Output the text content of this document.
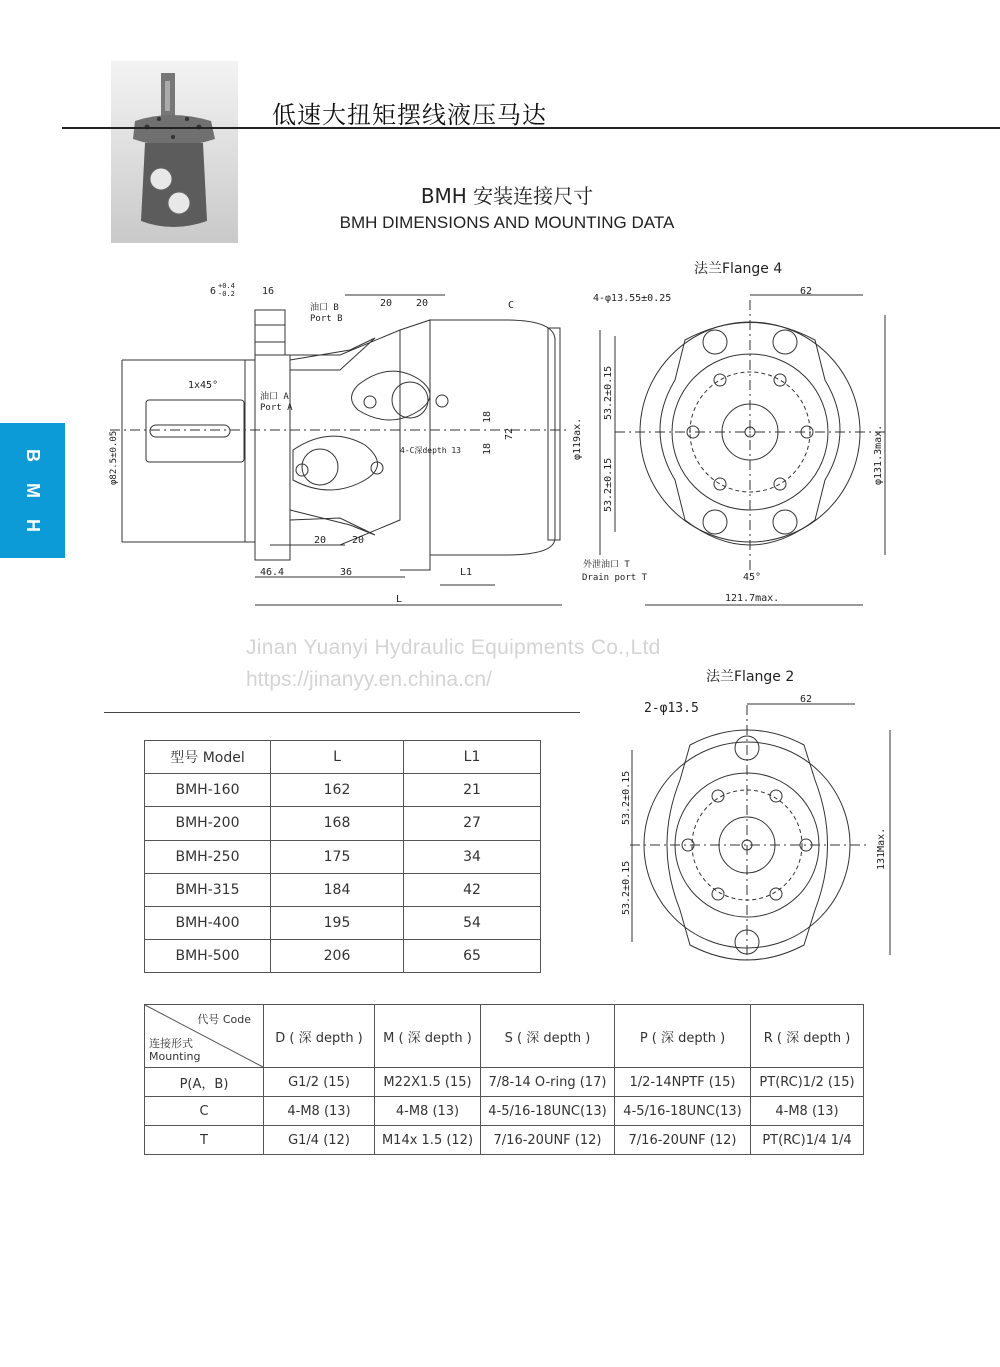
低速大扭矩摆线液压马达
BMH 安装连接尺寸
BMH DIMENSIONS AND MOUNTING DATA
B
M
H
6 +0.4
-0.2	16
1x45°
φ82.5±0.05
油口 B
Port B
20 20	C
油口 A
Port A
4-C深depth 13
18
18
72	φ119ax.
20	20
46.4	36	L1
L
外泄油口 T
Drain port T
法兰Flange 4
4-φ13.55±0.25
62
53.2±0.15
53.2±0.15	φ131.3max.
45°
121.7max.
Jinan Yuanyi Hydraulic Equipments Co.,Ltd
https://jinanyy.en.china.cn/	法兰Flange 2
2-φ13.5
62
53.2±0.15
53.2±0.15
131Max.
型号 Model	L	L1
BMH-160	162	21
BMH-200	168	27
BMH-250	175	34
BMH-315	184	42
BMH-400	195	54
BMH-500	206	65
代号 Code
连接形式
Mounting	D ( 深 depth )	M ( 深 depth )	S ( 深 depth )	P ( 深 depth )	R ( 深 depth )
P(A，B)	G1/2 (15)	M22X1.5 (15)	7/8-14 O-ring (17)	1/2-14NPTF (15)	PT(RC)1/2 (15)
C	4-M8 (13)	4-M8 (13)	4-5/16-18UNC(13)	4-5/16-18UNC(13)	4-M8 (13)
T	G1/4 (12)	M14x 1.5 (12)	7/16-20UNF (12)	7/16-20UNF (12)	PT(RC)1/4 1/4
